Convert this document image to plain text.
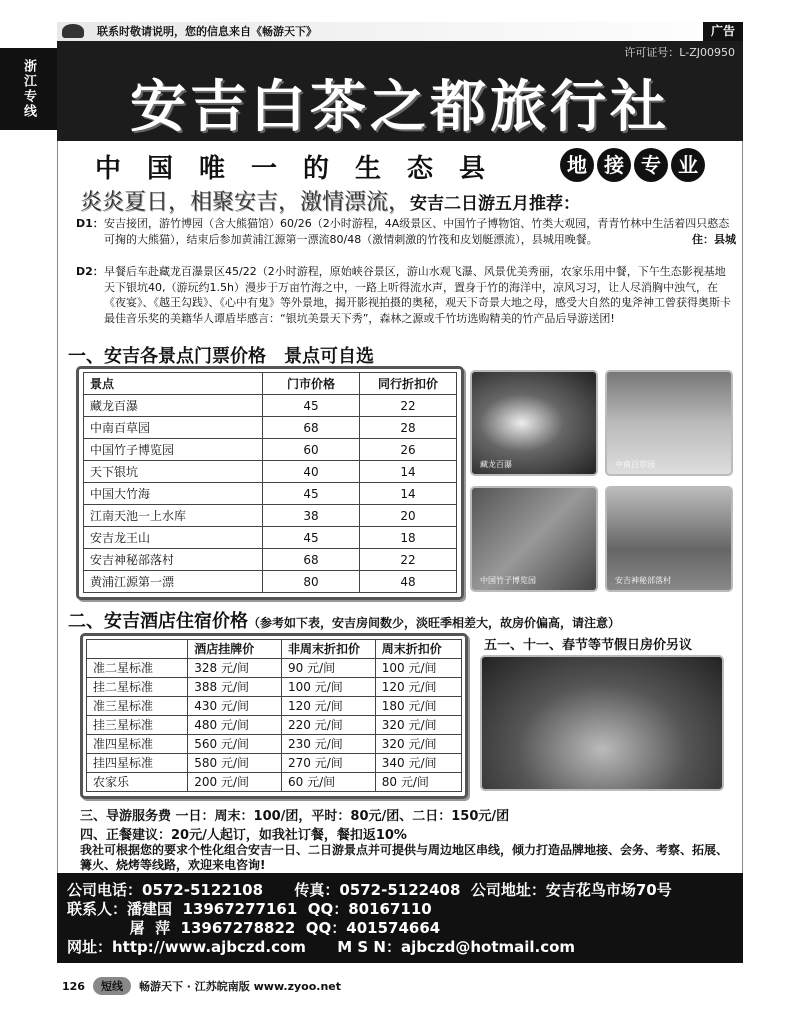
联系时敬请说明，您的信息来自《畅游天下》	广告
浙江专线
许可证号：L-ZJ00950
安吉白茶之都旅行社
中国唯一的生态县	地 接 专 业
炎炎夏日，相聚安吉，激情漂流，安吉二日游五月推荐：
D1：安吉接团，游竹博园（含大熊猫馆）60/26（2小时游程，4A级景区、中国竹子博物馆、竹类大观园，青青竹林中生活着四只憨态可掬的大熊猫），结束后参加黄浦江源第一漂流80/48（激情刺激的竹筏和皮划艇漂流），县城用晚餐。	住：县城
D2：早餐后车赴藏龙百瀑景区45/22（2小时游程，原始峡谷景区，游山水观飞瀑、风景优美秀丽，农家乐用中餐，下午生态影视基地天下银坑40,（游玩约1.5h）漫步于万亩竹海之中，一路上听得流水声，置身于竹的海洋中，凉风习习，让人尽消胸中浊气，在《夜宴》、《越王勾践》、《心中有鬼》等外景地，揭开影视拍摄的奥秘，观天下奇景大地之母，感受大自然的鬼斧神工曾获得奥斯卡最佳音乐奖的美籍华人谭盾毕感言：“银坑美景天下秀”，森林之源或千竹坊选购精美的竹产品后导游送团!
一、安吉各景点门票价格　景点可自选
景点	门市价格	同行折扣价
藏龙百瀑	45	22
中南百草园	68	28
中国竹子博览园	60	26
天下银坑	40	14
中国大竹海	45	14
江南天池一上水库	38	20
安吉龙王山	45	18
安吉神秘部落村	68	22
黄浦江源第一漂	80	48
藏龙百瀑	中南百草园
中国竹子博览园	安吉神秘部落村
二、安吉酒店住宿价格（参考如下表，安吉房间数少，淡旺季相差大，故房价偏高，请注意）
五一、十一、春节等节假日房价另议
	酒店挂牌价	非周末折扣价	周末折扣价
准二星标准	328 元/间	90 元/间	100 元/间
挂二星标准	388 元/间	100 元/间	120 元/间
准三星标准	430 元/间	120 元/间	180 元/间
挂三星标准	480 元/间	220 元/间	320 元/间
准四星标准	560 元/间	230 元/间	320 元/间
挂四星标准	580 元/间	270 元/间	340 元/间
农家乐	200 元/间	60 元/间	80 元/间
三、导游服务费 一日：周末：100/团，平时：80元/团、二日：150元/团
四、正餐建议：20元/人起订，如我社订餐，餐扣返10%
我社可根据您的要求个性化组合安吉一日、二日游景点并可提供与周边地区串线，倾力打造品牌地接、会务、考察、拓展、篝火、烧烤等线路，欢迎来电咨询!
公司电话：0572-5122108      传真：0572-5122408  公司地址：安吉花鸟市场70号
联系人：潘建国  13967277161  QQ：80167110
屠  萍  13967278822  QQ：401574664
网址：http://www.ajbczd.com      M S N：ajbczd@hotmail.com
126 短线 畅游天下 · 江苏皖南版 www.zyoo.net
